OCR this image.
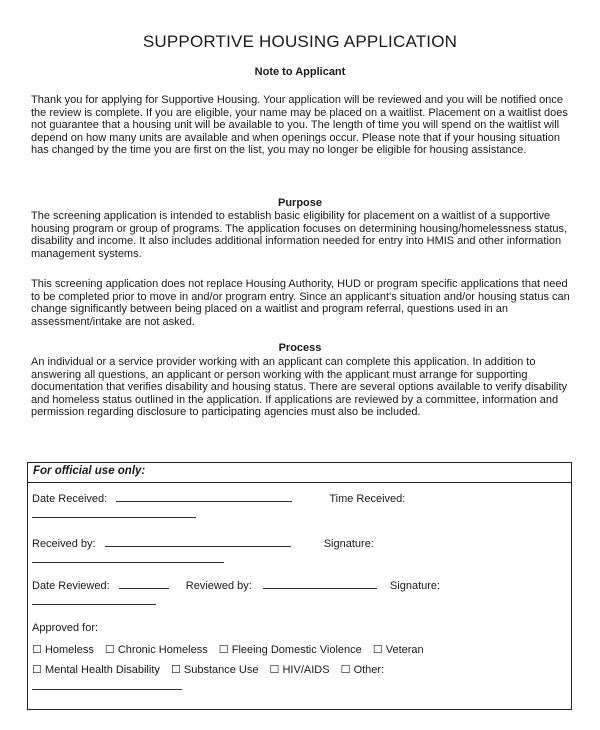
SUPPORTIVE HOUSING APPLICATION
Note to Applicant

Thank you for applying for Supportive Housing. Your application will be reviewed and you will be notified once the review is complete. If you are eligible, your name may be placed on a waitlist. Placement on a waitlist does not guarantee that a housing unit will be available to you. The length of time you will spend on the waitlist will depend on how many units are available and when openings occur. Please note that if your housing situation has changed by the time you are first on the list, you may no longer be eligible for housing assistance.

Purpose

The screening application is intended to establish basic eligibility for placement on a waitlist of a supportive housing program or group of programs. The application focuses on determining housing/homelessness status, disability and income. It also includes additional information needed for entry into HMIS and other information management systems.

This screening application does not replace Housing Authority, HUD or program specific applications that need to be completed prior to move in and/or program entry. Since an applicant's situation and/or housing status can change significantly between being placed on a waitlist and program referral, questions used in an assessment/intake are not asked.

Process

An individual or a service provider working with an applicant can complete this application. In addition to answering all questions, an applicant or person working with the applicant must arrange for supporting documentation that verifies disability and housing status. There are several options available to verify disability and homeless status outlined in the application. If applications are reviewed by a committee, information and permission regarding disclosure to participating agencies must also be included.

For official use only:
Date Received:	Time Received:
Received by:	Signature:
Date Reviewed:	Reviewed by:	Signature:
Approved for:
☐ Homeless ☐ Chronic Homeless ☐ Fleeing Domestic Violence ☐ Veteran
☐ Mental Health Disability ☐ Substance Use ☐ HIV/AIDS ☐ Other:
